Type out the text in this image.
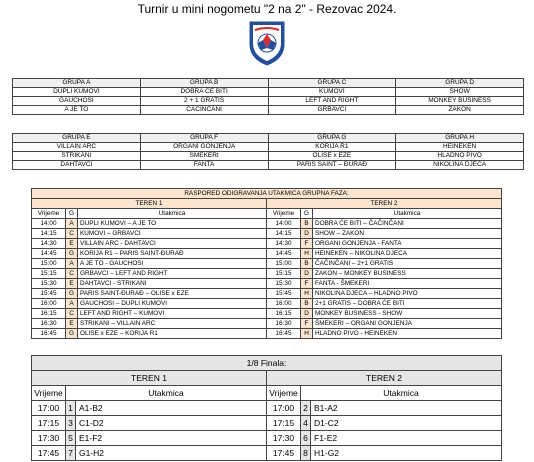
Turnir u mini nogometu "2 na 2" - Rezovac 2024.
GRUPA A	GRUPA B	GRUPA C	GRUPA D
DUPLI KUMOVI	DOBRA ĆE BITI	KUMOVI	SHOW
GAUCHOSI	2 + 1 GRATIS	LEFT AND RIGHT	MONKEY BUSINESS
A JE TO	ČAČINČANI	GRBAVCI	ZAKON
GRUPA E	GRUPA F	GRUPA G	GRUPA H
VILLAIN ARC	ORGANI GONJENJA	KORIJA R1	HEINEKEN
STRIKANI	ŠMEKERI	OLISE x EZE	HLADNO PIVO
DAHTAVCI	FANTA	PARIS SAINT – ĐURAĐ	NIKOLINA DJECA
RASPORED ODIGRAVANJA UTAKMICA GRUPNA FAZA:					
TEREN 1			TEREN 2		
Vrijeme	G	Utakmica	Vrijeme	G	Utakmica
14:00	A	DUPLI KUMOVI – A JE TO	14:00	B	DOBRA ĆE BITI – ČAČINČANI
14:15	C	KUMOVI – GRBAVCI	14:15	D	SHOW – ZAKON
14:30	E	VILLAIN ARC - DAHTAVCI	14:30	F	ORGANI GONJENJA - FANTA
14:45	G	KORIJA R1 – PARIS SAINT-ĐURAĐ	14:45	H	HEINEKEN – NIKOLINA DJECA
15:00	A	A JE TO - GAUCHOSI	15:00	B	ČAČINČANI – 2+1 GRATIS
15:15	C	GRBAVCI – LEFT AND RIGHT	15:15	D	ZAKON – MONKEY BUSINESS
15:30	E	DAHTAVCI - STRIKANI	15:30	F	FANTA - ŠMEKERI
15:45	G	PARIS SAINT-ĐURAĐ – OLISE x EZE	15:45	H	NIKOLINA DJECA – HLADNO PIVO
16:00	A	GAUCHOSI – DUPLI KUMOVI	16:00	B	2+1 GRATIS – DOBRA ĆE BITI
16:15	C	LEFT AND RIGHT – KUMOVI	16:15	D	MONKEY BUSINESS - SHOW
16:30	E	STRIKANI – VILLAIN ARC	16:30	F	ŠMEKERI – ORGANI GONJENJA
16:45	G	OLISE x EZE – KORIJA R1	16:45	H	HLADNO PIVO - HEINEKEN
1/8 Finala:					
TEREN 1			TEREN 2		
Vrijeme	Utakmica		Vrijeme	Utakmica	
17:00	1	A1-B2	17:00	2	B1-A2
17:15	3	C1-D2	17:15	4	D1-C2
17:30	5	E1-F2	17:30	6	F1-E2
17:45	7	G1-H2	17:45	8	H1-G2
